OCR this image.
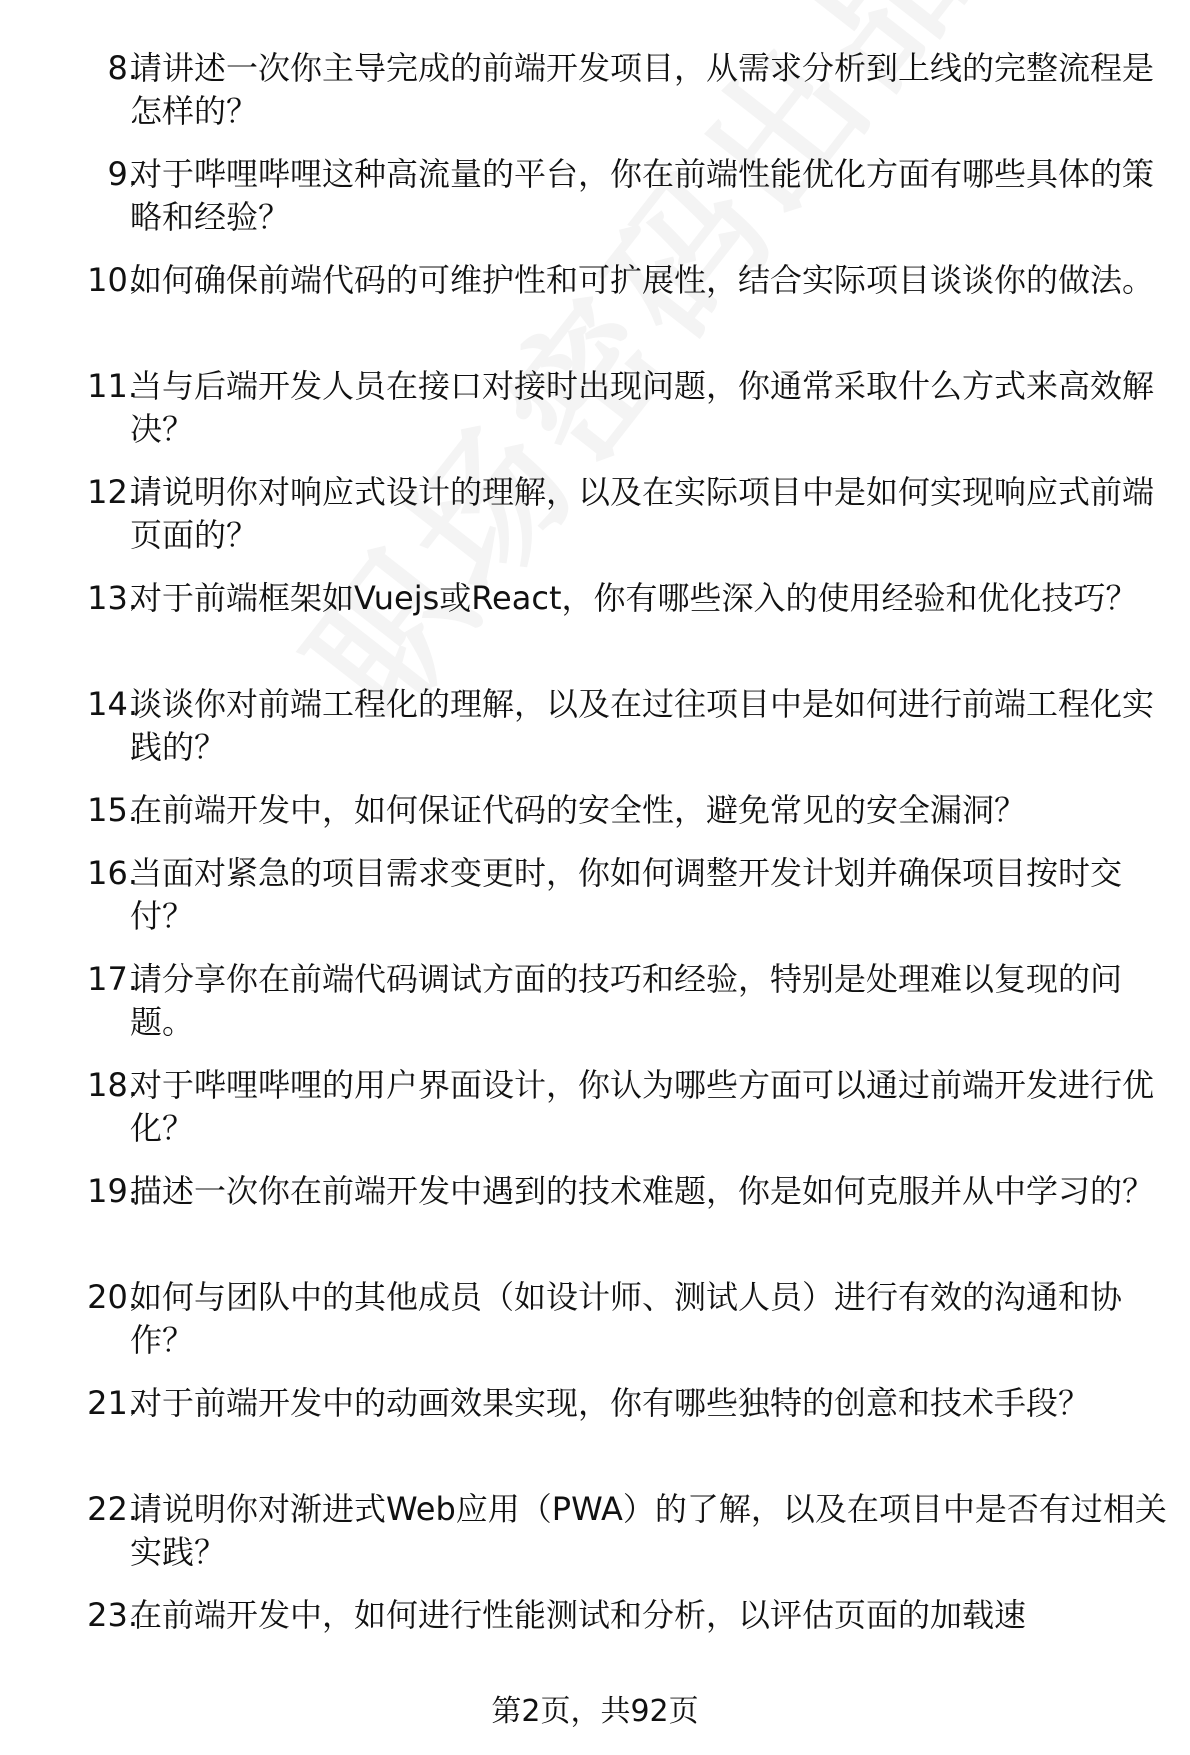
8.
请讲述一次你主导完成的前端开发项目，从需求分析到上线的完整流程是怎样的？
9.
对于哔哩哔哩这种高流量的平台，你在前端性能优化方面有哪些具体的策略和经验？
10.
如何确保前端代码的可维护性和可扩展性，结合实际项目谈谈你的做法。
11.
当与后端开发人员在接口对接时出现问题，你通常采取什么方式来高效解决？
12.
请说明你对响应式设计的理解，以及在实际项目中是如何实现响应式前端页面的？
13.
对于前端框架如Vuejs或React，你有哪些深入的使用经验和优化技巧？
14.
谈谈你对前端工程化的理解，以及在过往项目中是如何进行前端工程化实践的？
15.
在前端开发中，如何保证代码的安全性，避免常见的安全漏洞？
16.
当面对紧急的项目需求变更时，你如何调整开发计划并确保项目按时交付？
17.
请分享你在前端代码调试方面的技巧和经验，特别是处理难以复现的问题。
18.
对于哔哩哔哩的用户界面设计，你认为哪些方面可以通过前端开发进行优化？
19.
描述一次你在前端开发中遇到的技术难题，你是如何克服并从中学习的？
20.
如何与团队中的其他成员（如设计师、测试人员）进行有效的沟通和协作？
21.
对于前端开发中的动画效果实现，你有哪些独特的创意和技术手段？
22.
请说明你对渐进式Web应用（PWA）的了解，以及在项目中是否有过相关实践？
23.
在前端开发中，如何进行性能测试和分析，以评估页面的加载速
第2页，共92页
